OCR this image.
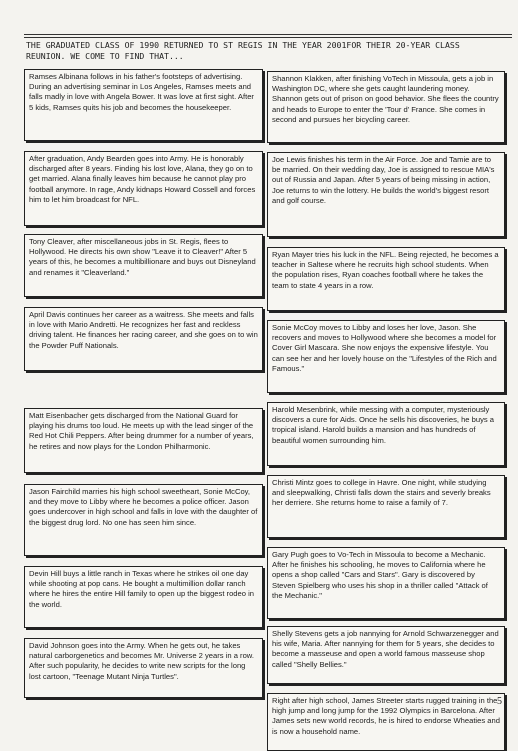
THE GRADUATED CLASS OF 1990 RETURNED TO ST REGIS IN THE YEAR 2001FOR THEIR 20-YEAR CLASS REUNION. WE COME TO FIND THAT...

Ramses Albinana follows in his father's footsteps of advertising. During an advertising seminar in Los Angeles, Ramses meets and falls madly in love with Angela Bower. It was love at first sight. After 5 kids, Ramses quits his job and becomes the housekeeper.

After graduation, Andy Bearden goes into Army. He is honorably discharged after 8 years. Finding his lost love, Alana, they go on to get married. Alana finally leaves him because he cannot play pro football anymore. In rage, Andy kidnaps Howard Cossell and forces him to let him broadcast for NFL.

Tony Cleaver, after miscellaneous jobs in St. Regis, flees to Hollywood. He directs his own show "Leave it to Cleaver!" After 5 years of this, he becomes a multibillionare and buys out Disneyland and renames it "Cleaverland."

April Davis continues her career as a waitress. She meets and falls in love with Mario Andretti. He recognizes her fast and reckless driving talent. He finances her racing career, and she goes on to win the Powder Puff Nationals.

Matt Eisenbacher gets discharged from the National Guard for playing his drums too loud. He meets up with the lead singer of the Red Hot Chili Peppers. After being drummer for a number of years, he retires and now plays for the London Philharmonic.

Jason Fairchild marries his high school sweetheart, Sonie McCoy, and they move to Libby where he becomes a police officer. Jason goes undercover in high school and falls in love with the daughter of the biggest drug lord. No one has seen him since.

Devin Hill buys a little ranch in Texas where he strikes oil one day while shooting at pop cans. He bought a multimillion dollar ranch where he hires the entire Hill family to open up the biggest rodeo in the world.

David Johnson goes into the Army. When he gets out, he takes natural carborgenetics and becomes Mr. Universe 2 years in a row. After such popularity, he decides to write new scripts for the long lost cartoon, "Teenage Mutant Ninja Turtles".

Shannon Klakken, after finishing VoTech in Missoula, gets a job in Washington DC, where she gets caught laundering money. Shannon gets out of prison on good behavior. She flees the country and heads to Europe to enter the 'Tour d' France. She comes in second and pursues her bicycling career.

Joe Lewis finishes his term in the Air Force. Joe and Tamie are to be married. On their wedding day, Joe is assigned to rescue MIA's out of Russia and Japan. After 5 years of being missing in action, Joe returns to win the lottery. He builds the world's biggest resort and golf course.

Ryan Mayer tries his luck in the NFL. Being rejected, he becomes a teacher in Saltese where he recruits high school students. When the population rises, Ryan coaches football where he takes the team to state 4 years in a row.

Sonie McCoy moves to Libby and loses her love, Jason. She recovers and moves to Hollywood where she becomes a model for Cover Girl Mascara. She now enjoys the expensive lifestyle. You can see her and her lovely house on the "Lifestyles of the Rich and Famous."

Harold Mesenbrink, while messing with a computer, mysteriously discovers a cure for Aids. Once he sells his discoveries, he buys a tropical island. Harold builds a mansion and has hundreds of beautiful women surrounding him.

Christi Mintz goes to college in Havre. One night, while studying and sleepwalking, Christi falls down the stairs and severly breaks her derriere. She returns home to raise a family of 7.

Gary Pugh goes to Vo-Tech in Missoula to become a Mechanic. After he finishes his schooling, he moves to California where he opens a shop called "Cars and Stars". Gary is discovered by Steven Spielberg who uses his shop in a thriller called "Attack of the Mechanic."

Shelly Stevens gets a job nannying for Arnold Schwarzenegger and his wife, Maria. After nannying for them for 5 years, she decides to become a masseuse and open a world famous masseuse shop called "Shelly Bellies."

Right after high school, James Streeter starts rugged training in the high jump and long jump for the 1992 Olympics in Barcelona. After James sets new world records, he is hired to endorse Wheaties and is now a household name.

5
